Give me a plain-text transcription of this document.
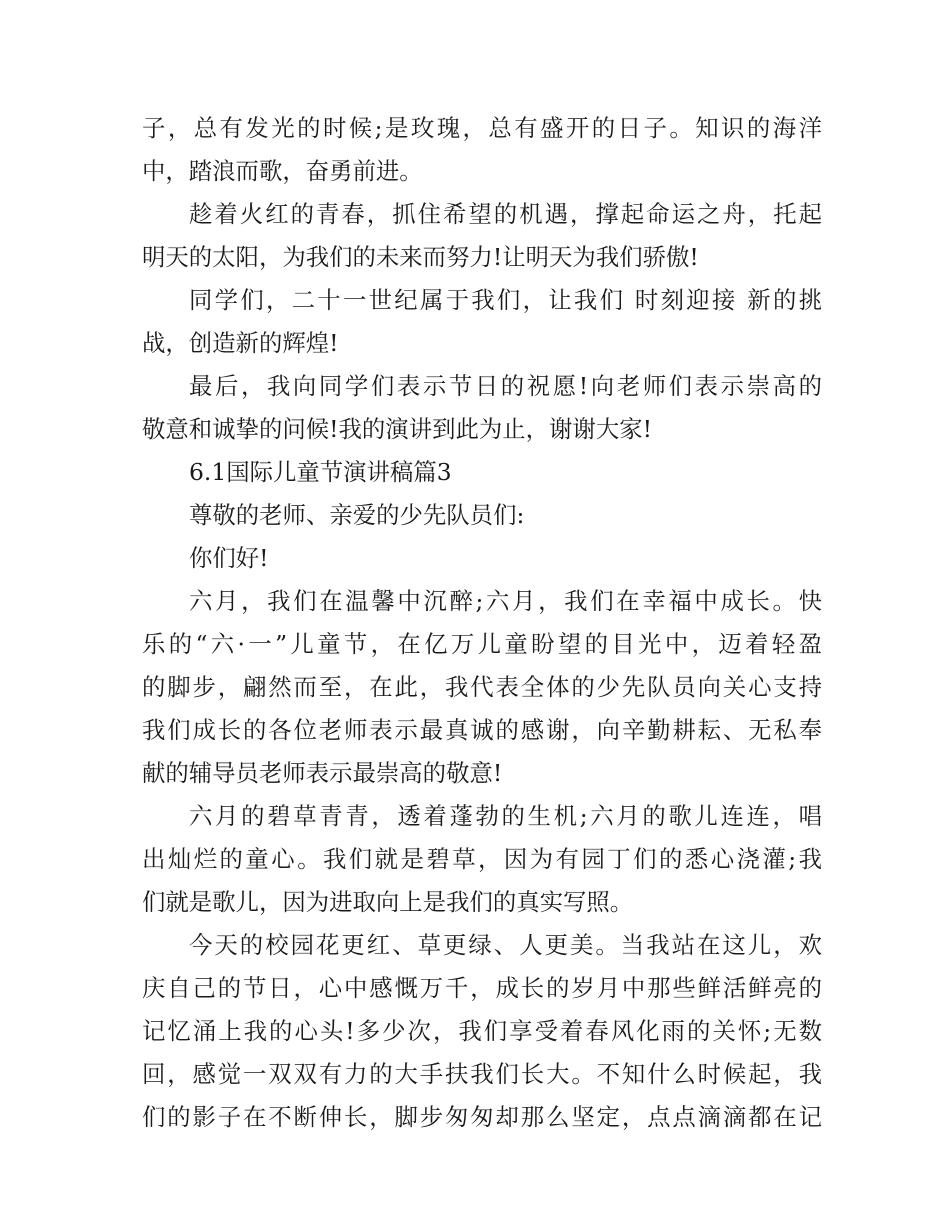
子，总有发光的时候;是玫瑰，总有盛开的日子。知识的海洋
中，踏浪而歌，奋勇前进。
趁着火红的青春，抓住希望的机遇，撑起命运之舟，托起
明天的太阳，为我们的未来而努力!让明天为我们骄傲!
同学们，二十一世纪属于我们，让我们 时刻迎接 新的挑
战，创造新的辉煌!
最后，我向同学们表示节日的祝愿!向老师们表示崇高的
敬意和诚挚的问候!我的演讲到此为止，谢谢大家!
6.1国际儿童节演讲稿篇3
尊敬的老师、亲爱的少先队员们:
你们好!
六月，我们在温馨中沉醉;六月，我们在幸福中成长。快
乐的“六·一”儿童节，在亿万儿童盼望的目光中，迈着轻盈
的脚步，翩然而至，在此，我代表全体的少先队员向关心支持
我们成长的各位老师表示最真诚的感谢，向辛勤耕耘、无私奉
献的辅导员老师表示最崇高的敬意!
六月的碧草青青，透着蓬勃的生机;六月的歌儿连连，唱
出灿烂的童心。我们就是碧草，因为有园丁们的悉心浇灌;我
们就是歌儿，因为进取向上是我们的真实写照。
今天的校园花更红、草更绿、人更美。当我站在这儿，欢
庆自己的节日，心中感慨万千，成长的岁月中那些鲜活鲜亮的
记忆涌上我的心头!多少次，我们享受着春风化雨的关怀;无数
回，感觉一双双有力的大手扶我们长大。不知什么时候起，我
们的影子在不断伸长，脚步匆匆却那么坚定，点点滴滴都在记
